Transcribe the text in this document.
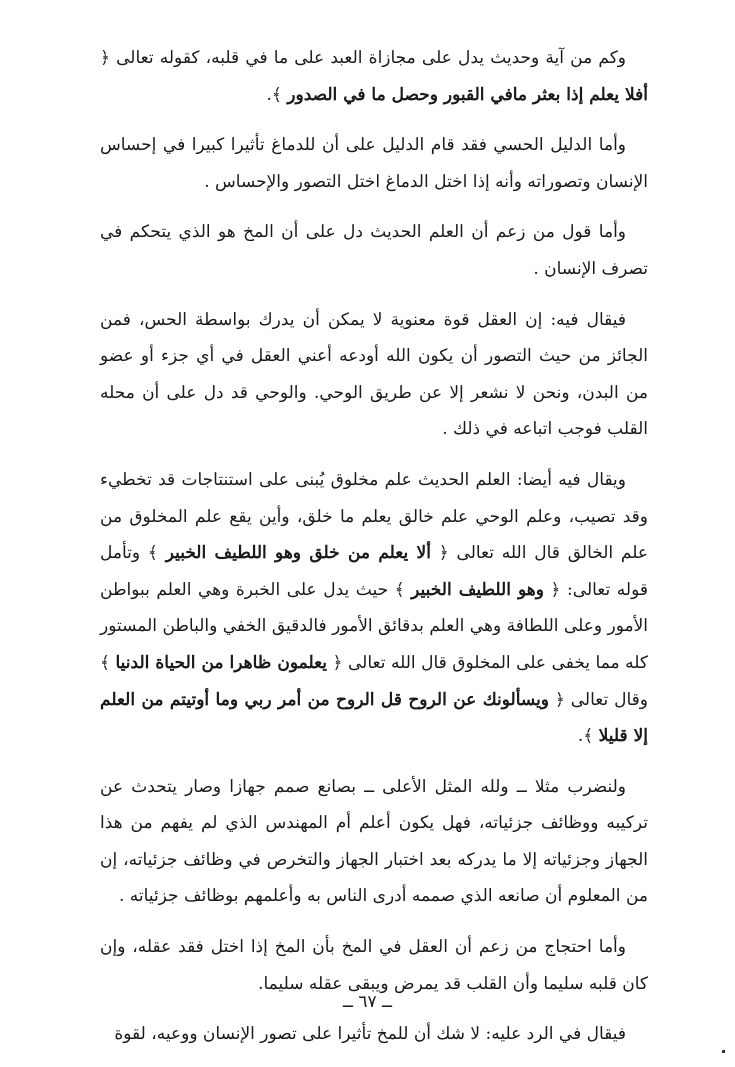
وكم من آية وحديث يدل على مجازاة العبد على ما في قلبه، كقوله تعالى ﴿ أفلا يعلم إذا بعثر مافي القبور وحصل ما في الصدور ﴾.

وأما الدليل الحسي فقد قام الدليل على أن للدماغ تأثيرا كبيرا في إحساس الإنسان وتصوراته وأنه إذا اختل الدماغ اختل التصور والإحساس .

وأما قول من زعم أن العلم الحديث دل على أن المخ هو الذي يتحكم في تصرف الإنسان .

فيقال فيه: إن العقل قوة معنوية لا يمكن أن يدرك بواسطة الحس، فمن الجائز من حيث التصور أن يكون الله أودعه أعني العقل في أي جزء أو عضو من البدن، ونحن لا نشعر إلا عن طريق الوحي. والوحي قد دل على أن محله القلب فوجب اتباعه في ذلك .

ويقال فيه أيضا: العلم الحديث علم مخلوق يُبنى على استنتاجات قد تخطيء وقد تصيب، وعلم الوحي علم خالق يعلم ما خلق، وأين يقع علم المخلوق من علم الخالق قال الله تعالى ﴿ ألا يعلم من خلق وهو اللطيف الخبير ﴾ وتأمل قوله تعالى: ﴿ وهو اللطيف الخبير ﴾ حيث يدل على الخبرة وهي العلم ببواطن الأمور وعلى اللطافة وهي العلم بدقائق الأمور فالدقيق الخفي والباطن المستور كله مما يخفى على المخلوق قال الله تعالى ﴿ يعلمون ظاهرا من الحياة الدنيا ﴾ وقال تعالى ﴿ ويسألونك عن الروح قل الروح من أمر ربي وما أوتيتم من العلم إلا قليلا ﴾.

ولنضرب مثلا ــ ولله المثل الأعلى ــ بصانع صمم جهازا وصار يتحدث عن تركيبه ووظائف جزئياته، فهل يكون أعلم أم المهندس الذي لم يفهم من هذا الجهاز وجزئياته إلا ما يدركه بعد اختبار الجهاز والتخرص في وظائف جزئياته، إن من المعلوم أن صانعه الذي صممه أدرى الناس به وأعلمهم بوظائف جزئياته .

وأما احتجاج من زعم أن العقل في المخ بأن المخ إذا اختل فقد عقله، وإن كان قلبه سليما وأن القلب قد يمرض ويبقى عقله سليما.

فيقال في الرد عليه: لا شك أن للمخ تأثيرا على تصور الإنسان ووعيه، لقوة

ــ ٦٧ ــ
